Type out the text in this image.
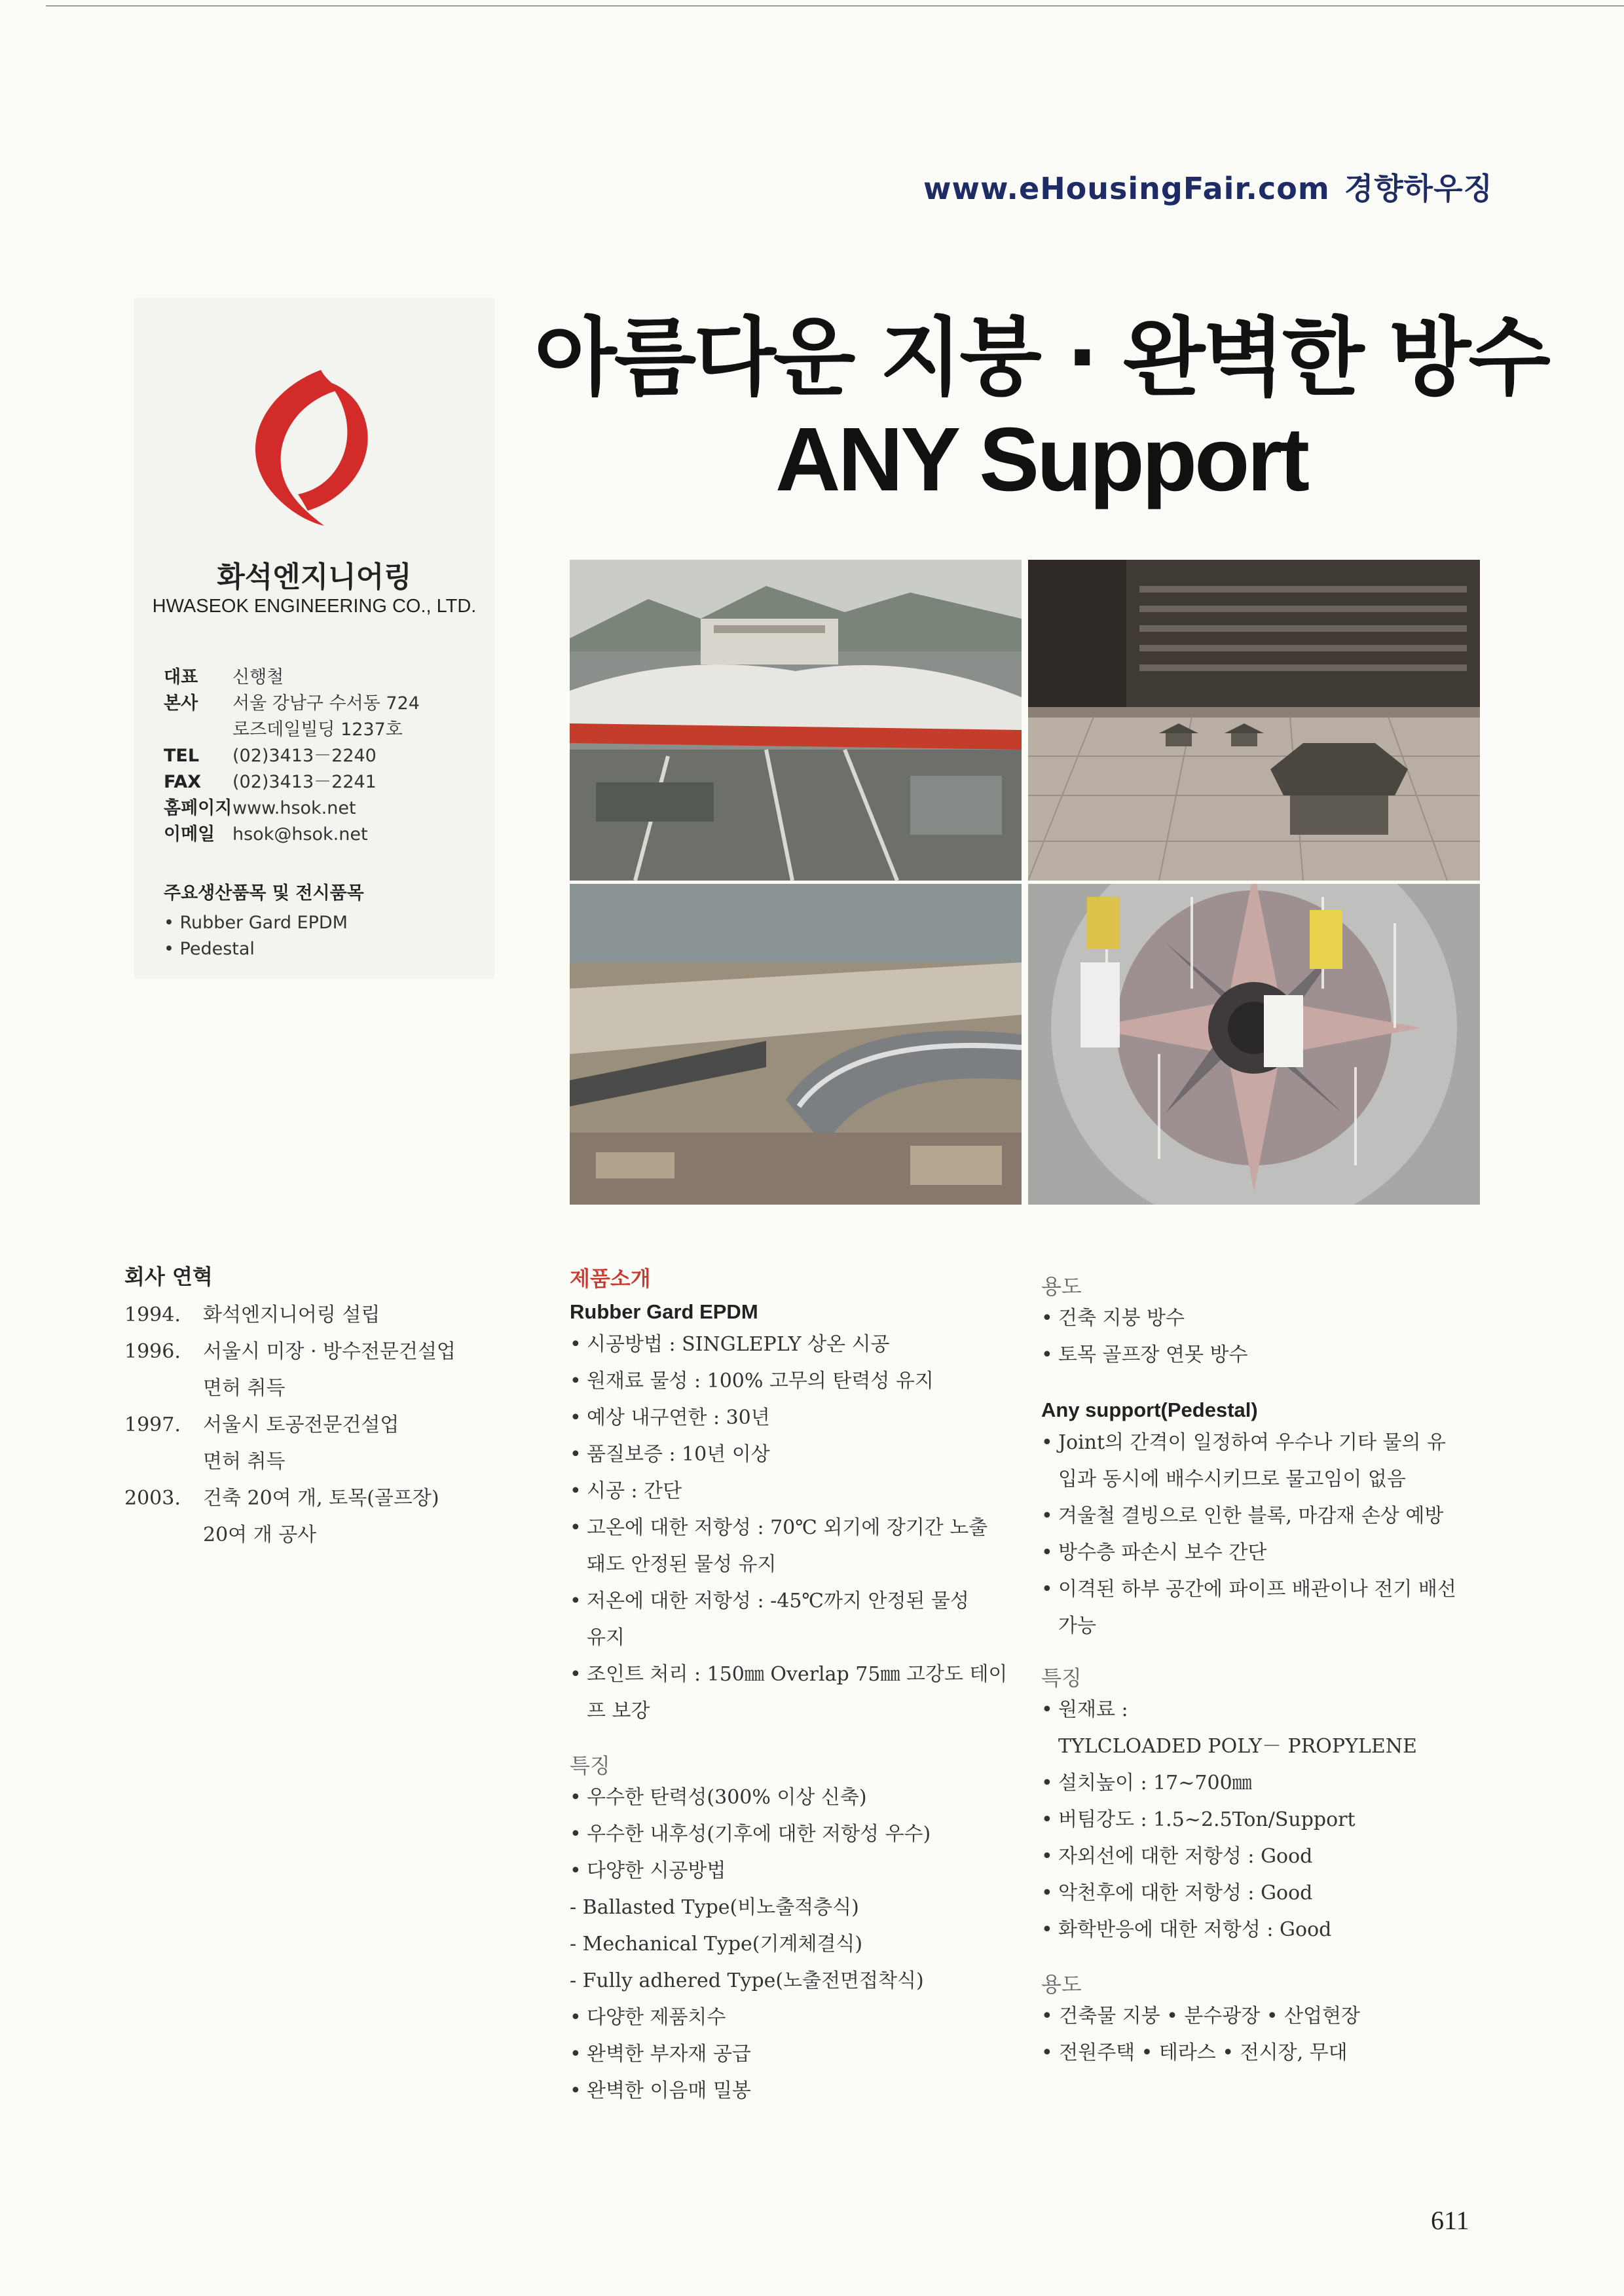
www.eHousingFair.com 경향하우징
화석엔지니어링
HWASEOK ENGINEERING CO., LTD.
대표	신행철
본사	서울 강남구 수서동 724
로즈데일빌딩 1237호
TEL	(02)3413－2240
FAX	(02)3413－2241
홈페이지 www.hsok.net
이메일 hsok@hsok.net
주요생산품목 및 전시품목
• Rubber Gard EPDM
• Pedestal
아름다운 지붕 · 완벽한 방수
ANY Support
회사 연혁
1994.	화석엔지니어링 설립
1996.	서울시 미장 · 방수전문건설업
면허 취득
1997.	서울시 토공전문건설업
면허 취득
2003.	건축 20여 개, 토목(골프장)
20여 개 공사
제품소개
Rubber Gard EPDM
• 시공방법 : SINGLEPLY 상온 시공
• 원재료 물성 : 100% 고무의 탄력성 유지
• 예상 내구연한 : 30년
• 품질보증 : 10년 이상
• 시공 : 간단
• 고온에 대한 저항성 : 70℃ 외기에 장기간 노출
돼도 안정된 물성 유지
• 저온에 대한 저항성 : -45℃까지 안정된 물성
유지
• 조인트 처리 : 150㎜ Overlap 75㎜ 고강도 테이
프 보강
특징
• 우수한 탄력성(300% 이상 신축)
• 우수한 내후성(기후에 대한 저항성 우수)
• 다양한 시공방법
- Ballasted Type(비노출적층식)
- Mechanical Type(기계체결식)
- Fully adhered Type(노출전면접착식)
• 다양한 제품치수
• 완벽한 부자재 공급
• 완벽한 이음매 밀봉
용도
• 건축 지붕 방수
• 토목 골프장 연못 방수
Any support(Pedestal)
• Joint의 간격이 일정하여 우수나 기타 물의 유
입과 동시에 배수시키므로 물고임이 없음
• 겨울철 결빙으로 인한 블록, 마감재 손상 예방
• 방수층 파손시 보수 간단
• 이격된 하부 공간에 파이프 배관이나 전기 배선
가능
특징
• 원재료 :
TYLCLOADED POLY－ PROPYLENE
• 설치높이 : 17~700㎜
• 버팀강도 : 1.5~2.5Ton/Support
• 자외선에 대한 저항성 : Good
• 악천후에 대한 저항성 : Good
• 화학반응에 대한 저항성 : Good
용도
• 건축물 지붕 • 분수광장 • 산업현장
• 전원주택 • 테라스 • 전시장, 무대
611
